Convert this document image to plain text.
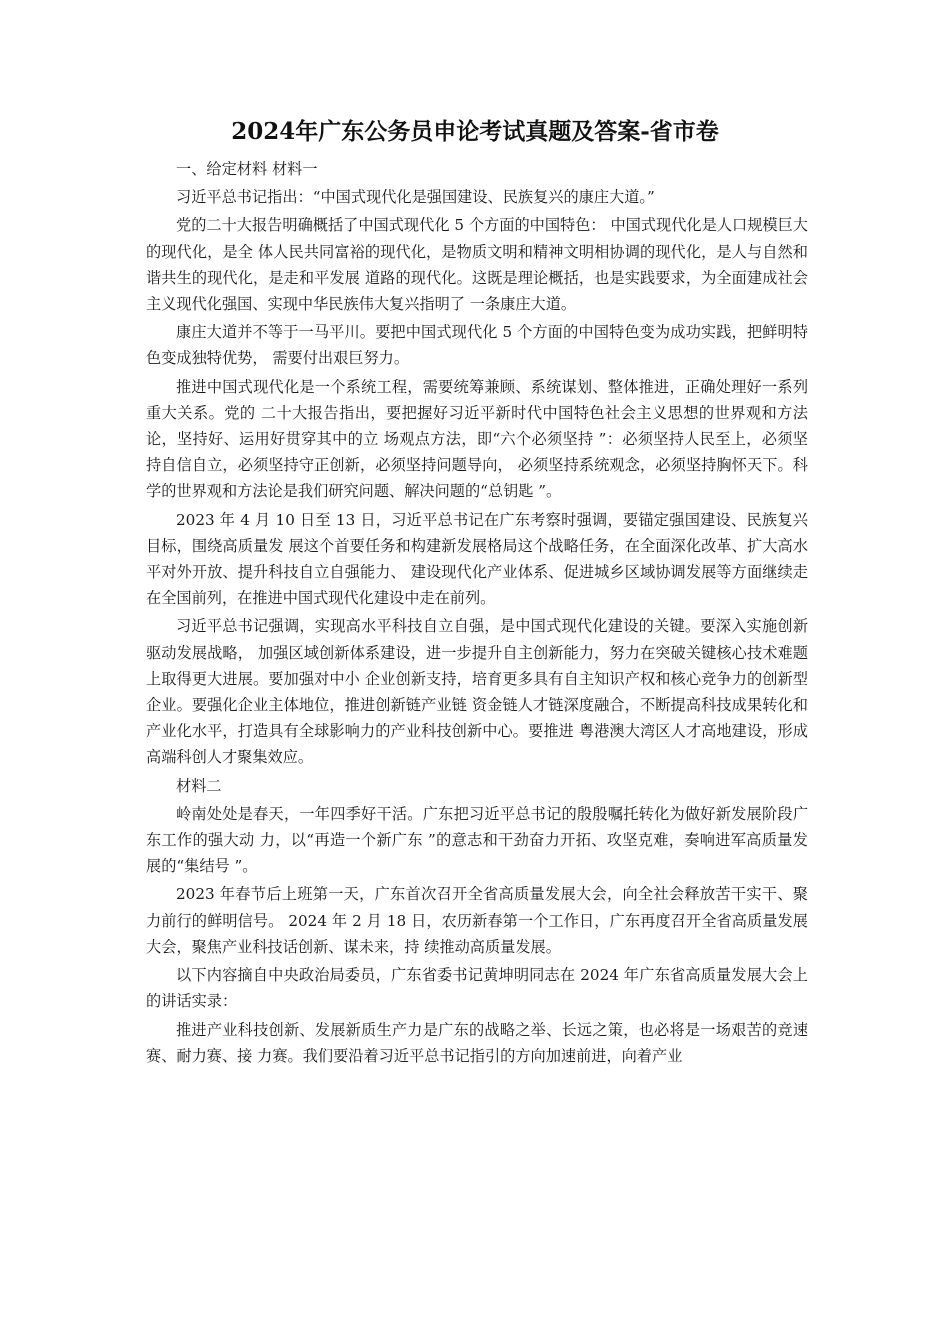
2024年广东公务员申论考试真题及答案-省市卷

一、给定材料 材料一

习近平总书记指出：“中国式现代化是强国建设、民族复兴的康庄大道。”

党的二十大报告明确概括了中国式现代化 5 个方面的中国特色： 中国式现代化是人口规模巨大的现代化，是全 体人民共同富裕的现代化，是物质文明和精神文明相协调的现代化，是人与自然和谐共生的现代化，是走和平发展 道路的现代化。这既是理论概括，也是实践要求，为全面建成社会主义现代化强国、实现中华民族伟大复兴指明了 一条康庄大道。

康庄大道并不等于一马平川。要把中国式现代化 5 个方面的中国特色变为成功实践，把鲜明特色变成独特优势， 需要付出艰巨努力。

推进中国式现代化是一个系统工程，需要统筹兼顾、系统谋划、整体推进，正确处理好一系列重大关系。党的 二十大报告指出，要把握好习近平新时代中国特色社会主义思想的世界观和方法论，坚持好、运用好贯穿其中的立 场观点方法，即“六个必须坚持 ”：必须坚持人民至上，必须坚持自信自立，必须坚持守正创新，必须坚持问题导向， 必须坚持系统观念，必须坚持胸怀天下。科学的世界观和方法论是我们研究问题、解决问题的“总钥匙 ”。

2023 年 4 月 10 日至 13 日，习近平总书记在广东考察时强调，要锚定强国建设、民族复兴目标，围绕高质量发 展这个首要任务和构建新发展格局这个战略任务，在全面深化改革、扩大高水平对外开放、提升科技自立自强能力、 建设现代化产业体系、促进城乡区域协调发展等方面继续走在全国前列，在推进中国式现代化建设中走在前列。

习近平总书记强调，实现高水平科技自立自强，是中国式现代化建设的关键。要深入实施创新驱动发展战略， 加强区域创新体系建设，进一步提升自主创新能力，努力在突破关键核心技术难题上取得更大进展。要加强对中小 企业创新支持，培育更多具有自主知识产权和核心竞争力的创新型企业。要强化企业主体地位，推进创新链产业链 资金链人才链深度融合，不断提高科技成果转化和产业化水平，打造具有全球影响力的产业科技创新中心。要推进 粤港澳大湾区人才高地建设，形成高端科创人才聚集效应。

材料二

岭南处处是春天，一年四季好干活。广东把习近平总书记的殷殷嘱托转化为做好新发展阶段广东工作的强大动 力，以“再造一个新广东 ”的意志和干劲奋力开拓、攻坚克难，奏响进军高质量发展的“集结号 ”。

2023 年春节后上班第一天，广东首次召开全省高质量发展大会，向全社会释放苦干实干、聚力前行的鲜明信号。 2024 年 2 月 18 日，农历新春第一个工作日，广东再度召开全省高质量发展大会，聚焦产业科技话创新、谋未来，持 续推动高质量发展。

以下内容摘自中央政治局委员，广东省委书记黄坤明同志在 2024 年广东省高质量发展大会上的讲话实录：

推进产业科技创新、发展新质生产力是广东的战略之举、长远之策，也必将是一场艰苦的竞速赛、耐力赛、接 力赛。我们要沿着习近平总书记指引的方向加速前进，向着产业
